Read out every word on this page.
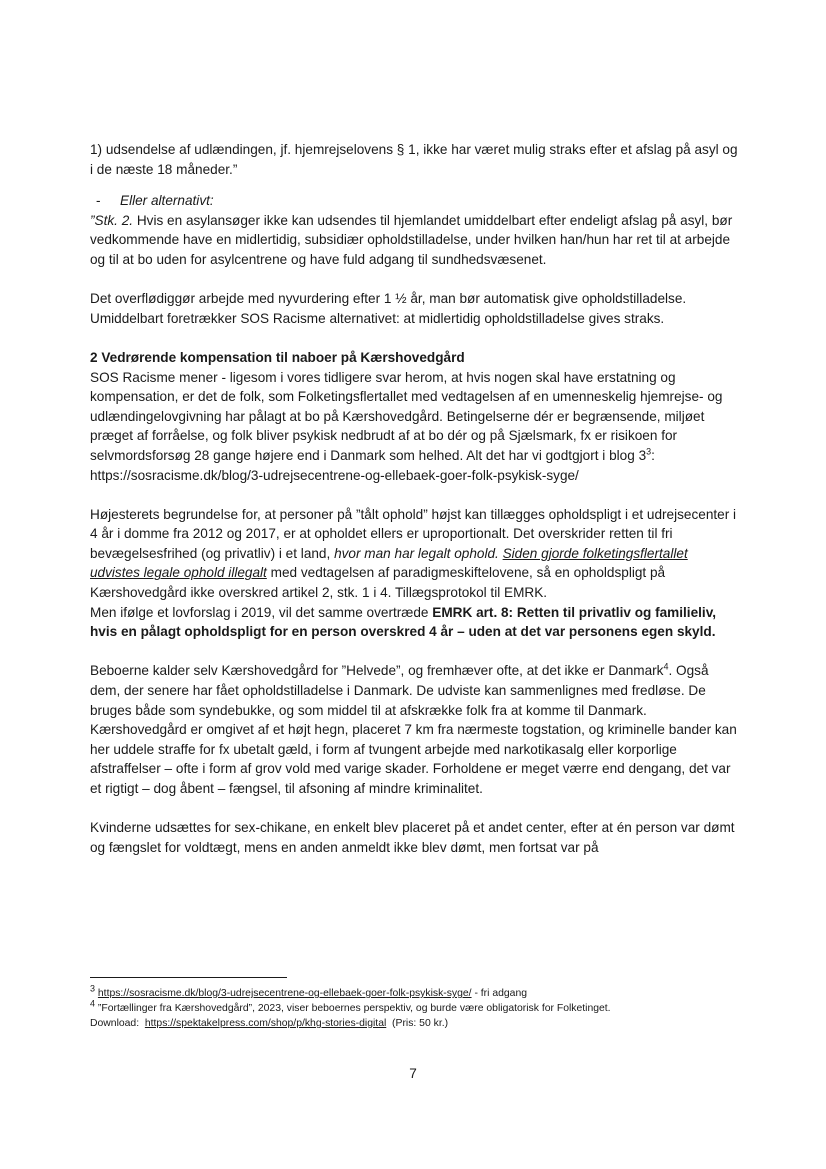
1) udsendelse af udlændingen, jf. hjemrejselovens § 1, ikke har været mulig straks efter et afslag på asyl og i de næste 18 måneder.”

-	Eller alternativt:

”Stk. 2. Hvis en asylansøger ikke kan udsendes til hjemlandet umiddelbart efter endeligt afslag på asyl, bør vedkommende have en midlertidig, subsidiær opholdstilladelse, under hvilken han/hun har ret til at arbejde og til at bo uden for asylcentrene og have fuld adgang til sundhedsvæsenet.

Det overflødiggør arbejde med nyvurdering efter 1 ½ år, man bør automatisk give opholdstilladelse. Umiddelbart foretrækker SOS Racisme alternativet: at midlertidig opholdstilladelse gives straks.

2 Vedrørende kompensation til naboer på Kærshovedgård
SOS Racisme mener - ligesom i vores tidligere svar herom, at hvis nogen skal have erstatning og kompensation, er det de folk, som Folketingsflertallet med vedtagelsen af en umenneskelig hjemrejse- og udlændingelovgivning har pålagt at bo på Kærshovedgård. Betingelserne dér er begrænsende, miljøet præget af forråelse, og folk bliver psykisk nedbrudt af at bo dér og på Sjælsmark, fx er risikoen for selvmordsforsøg 28 gange højere end i Danmark som helhed. Alt det har vi godtgjort i blog $3^3$: https://sosracisme.dk/blog/3-udrejsecentrene-og-ellebaek-goer-folk-psykisk-syge/

Højesterets begrundelse for, at personer på ”tålt ophold” højst kan tillægges opholdspligt i et udrejsecenter i 4 år i domme fra 2012 og 2017, er at opholdet ellers er uproportionalt. Det overskrider retten til fri bevægelsesfrihed (og privatliv) i et land, hvor man har legalt ophold. Siden gjorde folketingsflertallet udvistes legale ophold illegalt med vedtagelsen af paradigmeskiftelovene, så en opholdspligt på Kærshovedgård ikke overskred artikel 2, stk. 1 i 4. Tillægsprotokol til EMRK.
Men ifølge et lovforslag i 2019, vil det samme overtræde EMRK art. 8: Retten til privatliv og familieliv, hvis en pålagt opholdspligt for en person overskred 4 år – uden at det var personens egen skyld.

Beboerne kalder selv Kærshovedgård for ”Helvede”, og fremhæver ofte, at det ikke er Danmark$^4$. Også dem, der senere har fået opholdstilladelse i Danmark. De udviste kan sammenlignes med fredløse. De bruges både som syndebukke, og som middel til at afskrække folk fra at komme til Danmark. Kærshovedgård er omgivet af et højt hegn, placeret 7 km fra nærmeste togstation, og kriminelle bander kan her uddele straffe for fx ubetalt gæld, i form af tvungent arbejde med narkotikasalg eller korporlige afstraffelser – ofte i form af grov vold med varige skader. Forholdene er meget værre end dengang, det var et rigtigt – dog åbent – fængsel, til afsoning af mindre kriminalitet.

Kvinderne udsættes for sex-chikane, en enkelt blev placeret på et andet center, efter at én person var dømt og fængslet for voldtægt, mens en anden anmeldt ikke blev dømt, men fortsat var på

$^3$ https://sosracisme.dk/blog/3-udrejsecentrene-og-ellebaek-goer-folk-psykisk-syge/ - fri adgang
$^4$ ”Fortællinger fra Kærshovedgård”, 2023, viser beboernes perspektiv, og burde være obligatorisk for Folketinget.
Download:  https://spektakelpress.com/shop/p/khg-stories-digital  (Pris: 50 kr.)
7
